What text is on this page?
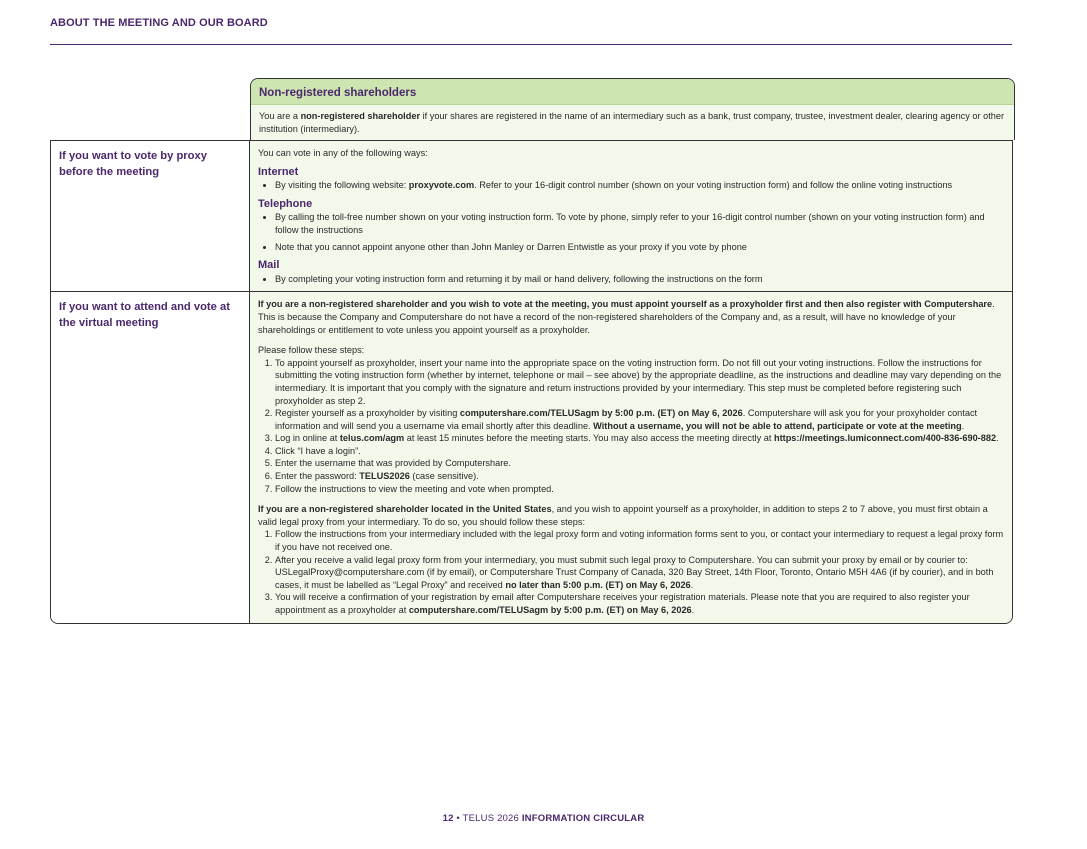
ABOUT THE MEETING AND OUR BOARD
Non-registered shareholders
You are a non-registered shareholder if your shares are registered in the name of an intermediary such as a bank, trust company, trustee, investment dealer, clearing agency or other institution (intermediary).
If you want to vote by proxy before the meeting

You can vote in any of the following ways:

Internet
• By visiting the following website: proxyvote.com. Refer to your 16-digit control number (shown on your voting instruction form) and follow the online voting instructions
Telephone
• By calling the toll-free number shown on your voting instruction form. To vote by phone, simply refer to your 16-digit control number (shown on your voting instruction form) and follow the instructions
• Note that you cannot appoint anyone other than John Manley or Darren Entwistle as your proxy if you vote by phone
Mail
• By completing your voting instruction form and returning it by mail or hand delivery, following the instructions on the form
If you want to attend and vote at the virtual meeting

If you are a non-registered shareholder and you wish to vote at the meeting, you must appoint yourself as a proxyholder first and then also register with Computershare. This is because the Company and Computershare do not have a record of the non-registered shareholders of the Company and, as a result, will have no knowledge of your shareholdings or entitlement to vote unless you appoint yourself as a proxyholder.

Please follow these steps:

1. To appoint yourself as proxyholder, insert your name into the appropriate space on the voting instruction form. Do not fill out your voting instructions. Follow the instructions for submitting the voting instruction form (whether by internet, telephone or mail – see above) by the appropriate deadline, as the instructions and deadline may vary depending on the intermediary. It is important that you comply with the signature and return instructions provided by your intermediary. This step must be completed before registering such proxyholder as step 2.
2. Register yourself as a proxyholder by visiting computershare.com/TELUSagm by 5:00 p.m. (ET) on May 6, 2026. Computershare will ask you for your proxyholder contact information and will send you a username via email shortly after this deadline. Without a username, you will not be able to attend, participate or vote at the meeting.
3. Log in online at telus.com/agm at least 15 minutes before the meeting starts. You may also access the meeting directly at https://meetings.lumiconnect.com/400-836-690-882.
4. Click “I have a login”.
5. Enter the username that was provided by Computershare.
6. Enter the password: TELUS2026 (case sensitive).
7. Follow the instructions to view the meeting and vote when prompted.

If you are a non-registered shareholder located in the United States, and you wish to appoint yourself as a proxyholder, in addition to steps 2 to 7 above, you must first obtain a valid legal proxy from your intermediary. To do so, you should follow these steps:

1. Follow the instructions from your intermediary included with the legal proxy form and voting information forms sent to you, or contact your intermediary to request a legal proxy form if you have not received one.
2. After you receive a valid legal proxy form from your intermediary, you must submit such legal proxy to Computershare. You can submit your proxy by email or by courier to: USLegalProxy@computershare.com (if by email), or Computershare Trust Company of Canada, 320 Bay Street, 14th Floor, Toronto, Ontario M5H 4A6 (if by courier), and in both cases, it must be labelled as “Legal Proxy” and received no later than 5:00 p.m. (ET) on May 6, 2026.
3. You will receive a confirmation of your registration by email after Computershare receives your registration materials. Please note that you are required to also register your appointment as a proxyholder at computershare.com/TELUSagm by 5:00 p.m. (ET) on May 6, 2026.
12 • TELUS 2026 INFORMATION CIRCULAR
